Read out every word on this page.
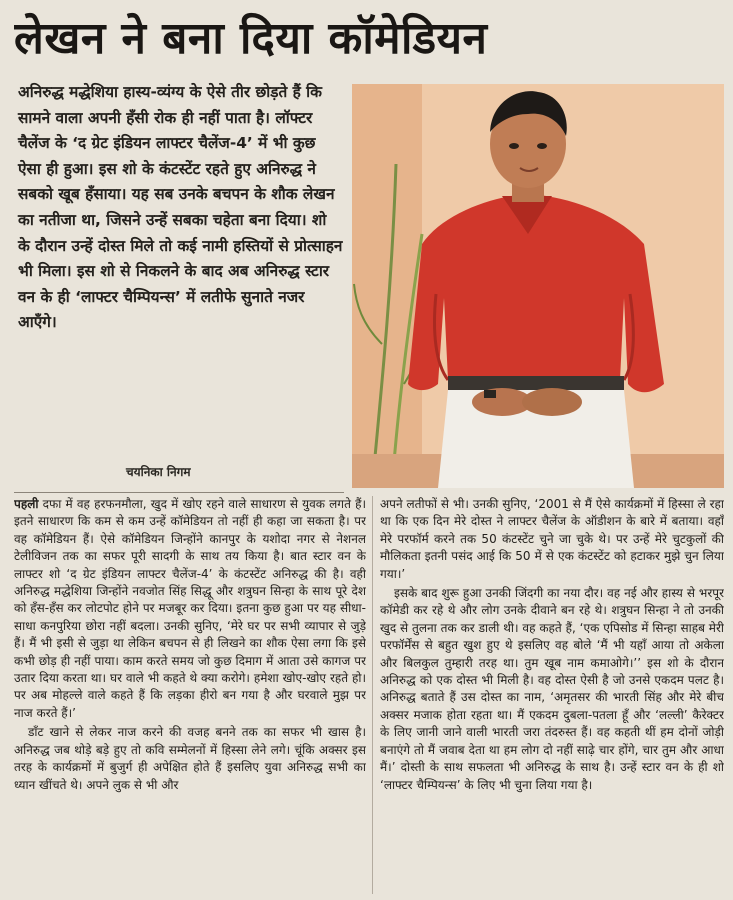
लेखन ने बना दिया कॉमेडियन

अनिरुद्ध मद्धेशिया हास्य-व्यंग्य के ऐसे तीर छोड़ते हैं कि सामने वाला अपनी हँसी रोक ही नहीं पाता है। लॉफ्टर चैलेंज के ‘द ग्रेट इंडियन लाफ्टर चैलेंज-4’ में भी कुछ ऐसा ही हुआ। इस शो के कंटस्टेंट रहते हुए अनिरुद्ध ने सबको खूब हँसाया। यह सब उनके बचपन के शौक लेखन का नतीजा था, जिसने उन्हें सबका चहेता बना दिया। शो के दौरान उन्हें दोस्त मिले तो कई नामी हस्तियों से प्रोत्साहन भी मिला। इस शो से निकलने के बाद अब अनिरुद्ध स्टार वन के ही ‘लाफ्टर चैम्पियन्स’ में लतीफे सुनाते नजर आएँगे।

चयनिका निगम

पहली दफा में वह हरफनमौला, खुद में खोए रहने वाले साधारण से युवक लगते हैं। इतने साधारण कि कम से कम उन्हें कॉमेडियन तो नहीं ही कहा जा सकता है। पर वह कॉमेडियन हैं। ऐसे कॉमेडियन जिन्होंने कानपुर के यशोदा नगर से नेशनल टेलीविजन तक का सफर पूरी सादगी के साथ तय किया है। बात स्टार वन के लाफ्टर शो ‘द ग्रेट इंडियन लाफ्टर चैलेंज-4’ के कंटस्टेंट अनिरुद्ध की है। वही अनिरुद्ध मद्धेशिया जिन्होंने नवजोत सिंह सिद्धू और शत्रुघन सिन्हा के साथ पूरे देश को हँस-हँस कर लोटपोट होने पर मजबूर कर दिया। इतना कुछ हुआ पर यह सीधा-साधा कनपुरिया छोरा नहीं बदला। उनकी सुनिए, ‘मेरे घर पर सभी व्यापार से जुड़े हैं। मैं भी इसी से जुड़ा था लेकिन बचपन से ही लिखने का शौक ऐसा लगा कि इसे कभी छोड़ ही नहीं पाया। काम करते समय जो कुछ दिमाग में आता उसे कागज पर उतार दिया करता था। घर वाले भी कहते थे क्या करोगे। हमेशा खोए-खोए रहते हो। पर अब मोहल्ले वाले कहते हैं कि लड़का हीरो बन गया है और घरवाले मुझ पर नाज करते हैं।’

डाँट खाने से लेकर नाज करने की वजह बनने तक का सफर भी खास है। अनिरुद्ध जब थोड़े बड़े हुए तो कवि सम्मेलनों में हिस्सा लेने लगे। चूंकि अक्सर इस तरह के कार्यक्रमों में बुजुर्ग ही अपेक्षित होते हैं इसलिए युवा अनिरुद्ध सभी का ध्यान खींचते थे। अपने लुक से भी और

अपने लतीफों से भी। उनकी सुनिए, ‘2001 से मैं ऐसे कार्यक्रमों में हिस्सा ले रहा था कि एक दिन मेरे दोस्त ने लाफ्टर चैलेंज के ऑडीशन के बारे में बताया। वहाँ मेरे परफॉर्म करने तक 50 कंटस्टेंट चुने जा चुके थे। पर उन्हें मेरे चुटकुलों की मौलिकता इतनी पसंद आई कि 50 में से एक कंटस्टेंट को हटाकर मुझे चुन लिया गया।’

इसके बाद शुरू हुआ उनकी जिंदगी का नया दौर। वह नई और हास्य से भरपूर कॉमेडी कर रहे थे और लोग उनके दीवाने बन रहे थे। शत्रुघन सिन्हा ने तो उनकी खुद से तुलना तक कर डाली थी। वह कहते हैं, ‘एक एपिसोड में सिन्हा साहब मेरी परफॉर्मेंस से बहुत खुश हुए थे इसलिए वह बोले ‘मैं भी यहाँ आया तो अकेला और बिलकुल तुम्हारी तरह था। तुम खूब नाम कमाओगे।’’ इस शो के दौरान अनिरुद्ध को एक दोस्त भी मिली है। वह दोस्त ऐसी है जो उनसे एकदम पलट है। अनिरुद्ध बताते हैं उस दोस्त का नाम, ‘अमृतसर की भारती सिंह और मेरे बीच अक्सर मजाक होता रहता था। मैं एकदम दुबला-पतला हूँ और ‘लल्ली’ कैरेक्टर के लिए जानी जाने वाली भारती जरा तंदरुस्त हैं। वह कहती थीं हम दोनों जोड़ी बनाएंगे तो मैं जवाब देता था हम लोग दो नहीं साढ़े चार होंगे, चार तुम और आधा मैं।’ दोस्ती के साथ सफलता भी अनिरुद्ध के साथ है। उन्हें स्टार वन के ही शो ‘लाफ्टर चैम्पियन्स’ के लिए भी चुना लिया गया है।
